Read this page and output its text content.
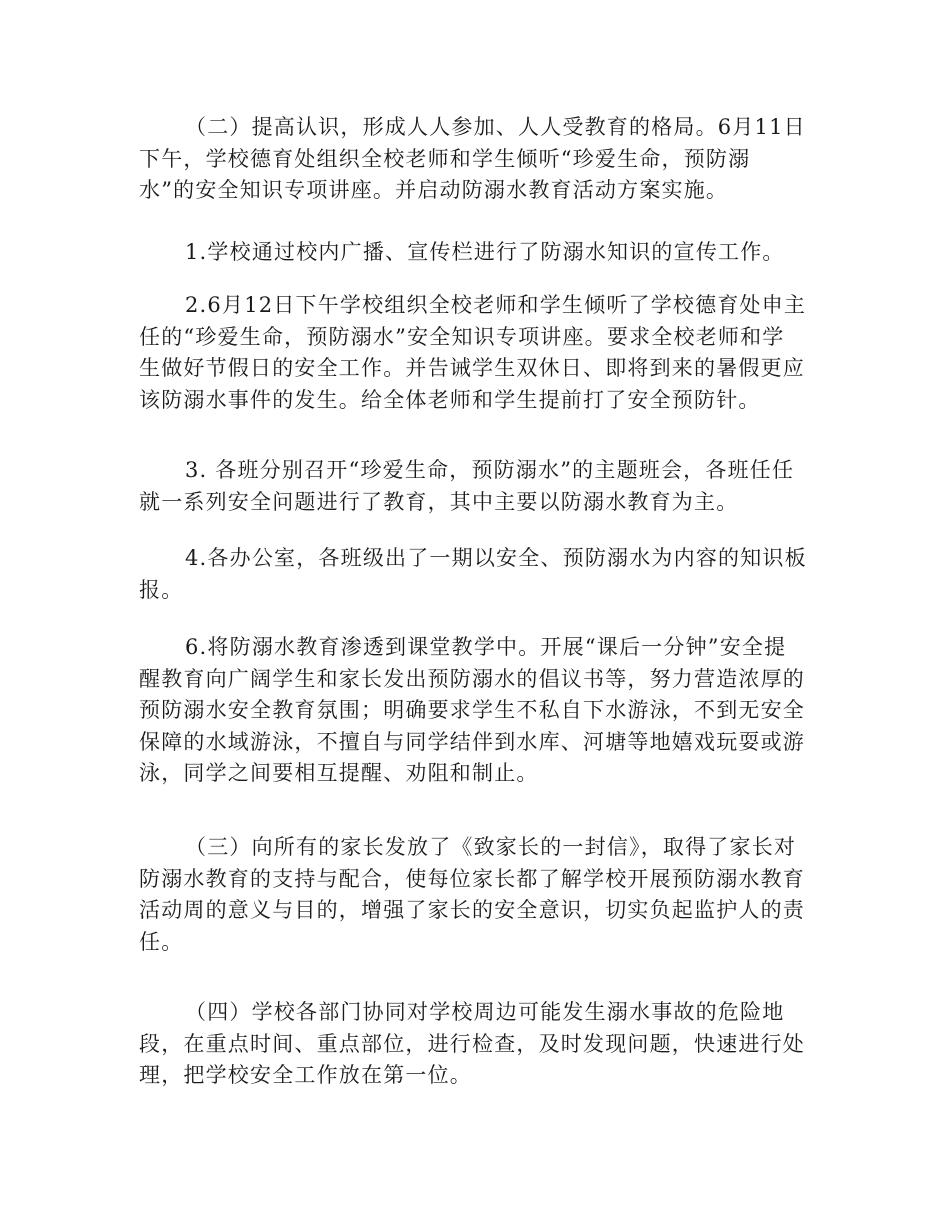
（二）提高认识，形成人人参加、人人受教育的格局。6月11日
下午，学校德育处组织全校老师和学生倾听“珍爱生命，预防溺
水”的安全知识专项讲座。并启动防溺水教育活动方案实施。
1.学校通过校内广播、宣传栏进行了防溺水知识的宣传工作。
2.6月12日下午学校组织全校老师和学生倾听了学校德育处申主
任的“珍爱生命，预防溺水”安全知识专项讲座。要求全校老师和学
生做好节假日的安全工作。并告诫学生双休日、即将到来的暑假更应
该防溺水事件的发生。给全体老师和学生提前打了安全预防针。
3. 各班分别召开“珍爱生命，预防溺水”的主题班会，各班任任
就一系列安全问题进行了教育，其中主要以防溺水教育为主。
4.各办公室，各班级出了一期以安全、预防溺水为内容的知识板
报。
6.将防溺水教育渗透到课堂教学中。开展“课后一分钟”安全提
醒教育向广阔学生和家长发出预防溺水的倡议书等，努力营造浓厚的
预防溺水安全教育氛围；明确要求学生不私自下水游泳，不到无安全
保障的水域游泳，不擅自与同学结伴到水库、河塘等地嬉戏玩耍或游
泳，同学之间要相互提醒、劝阻和制止。
（三）向所有的家长发放了《致家长的一封信》，取得了家长对
防溺水教育的支持与配合，使每位家长都了解学校开展预防溺水教育
活动周的意义与目的，增强了家长的安全意识，切实负起监护人的责
任。
（四）学校各部门协同对学校周边可能发生溺水事故的危险地
段，在重点时间、重点部位，进行检查，及时发现问题，快速进行处
理，把学校安全工作放在第一位。
